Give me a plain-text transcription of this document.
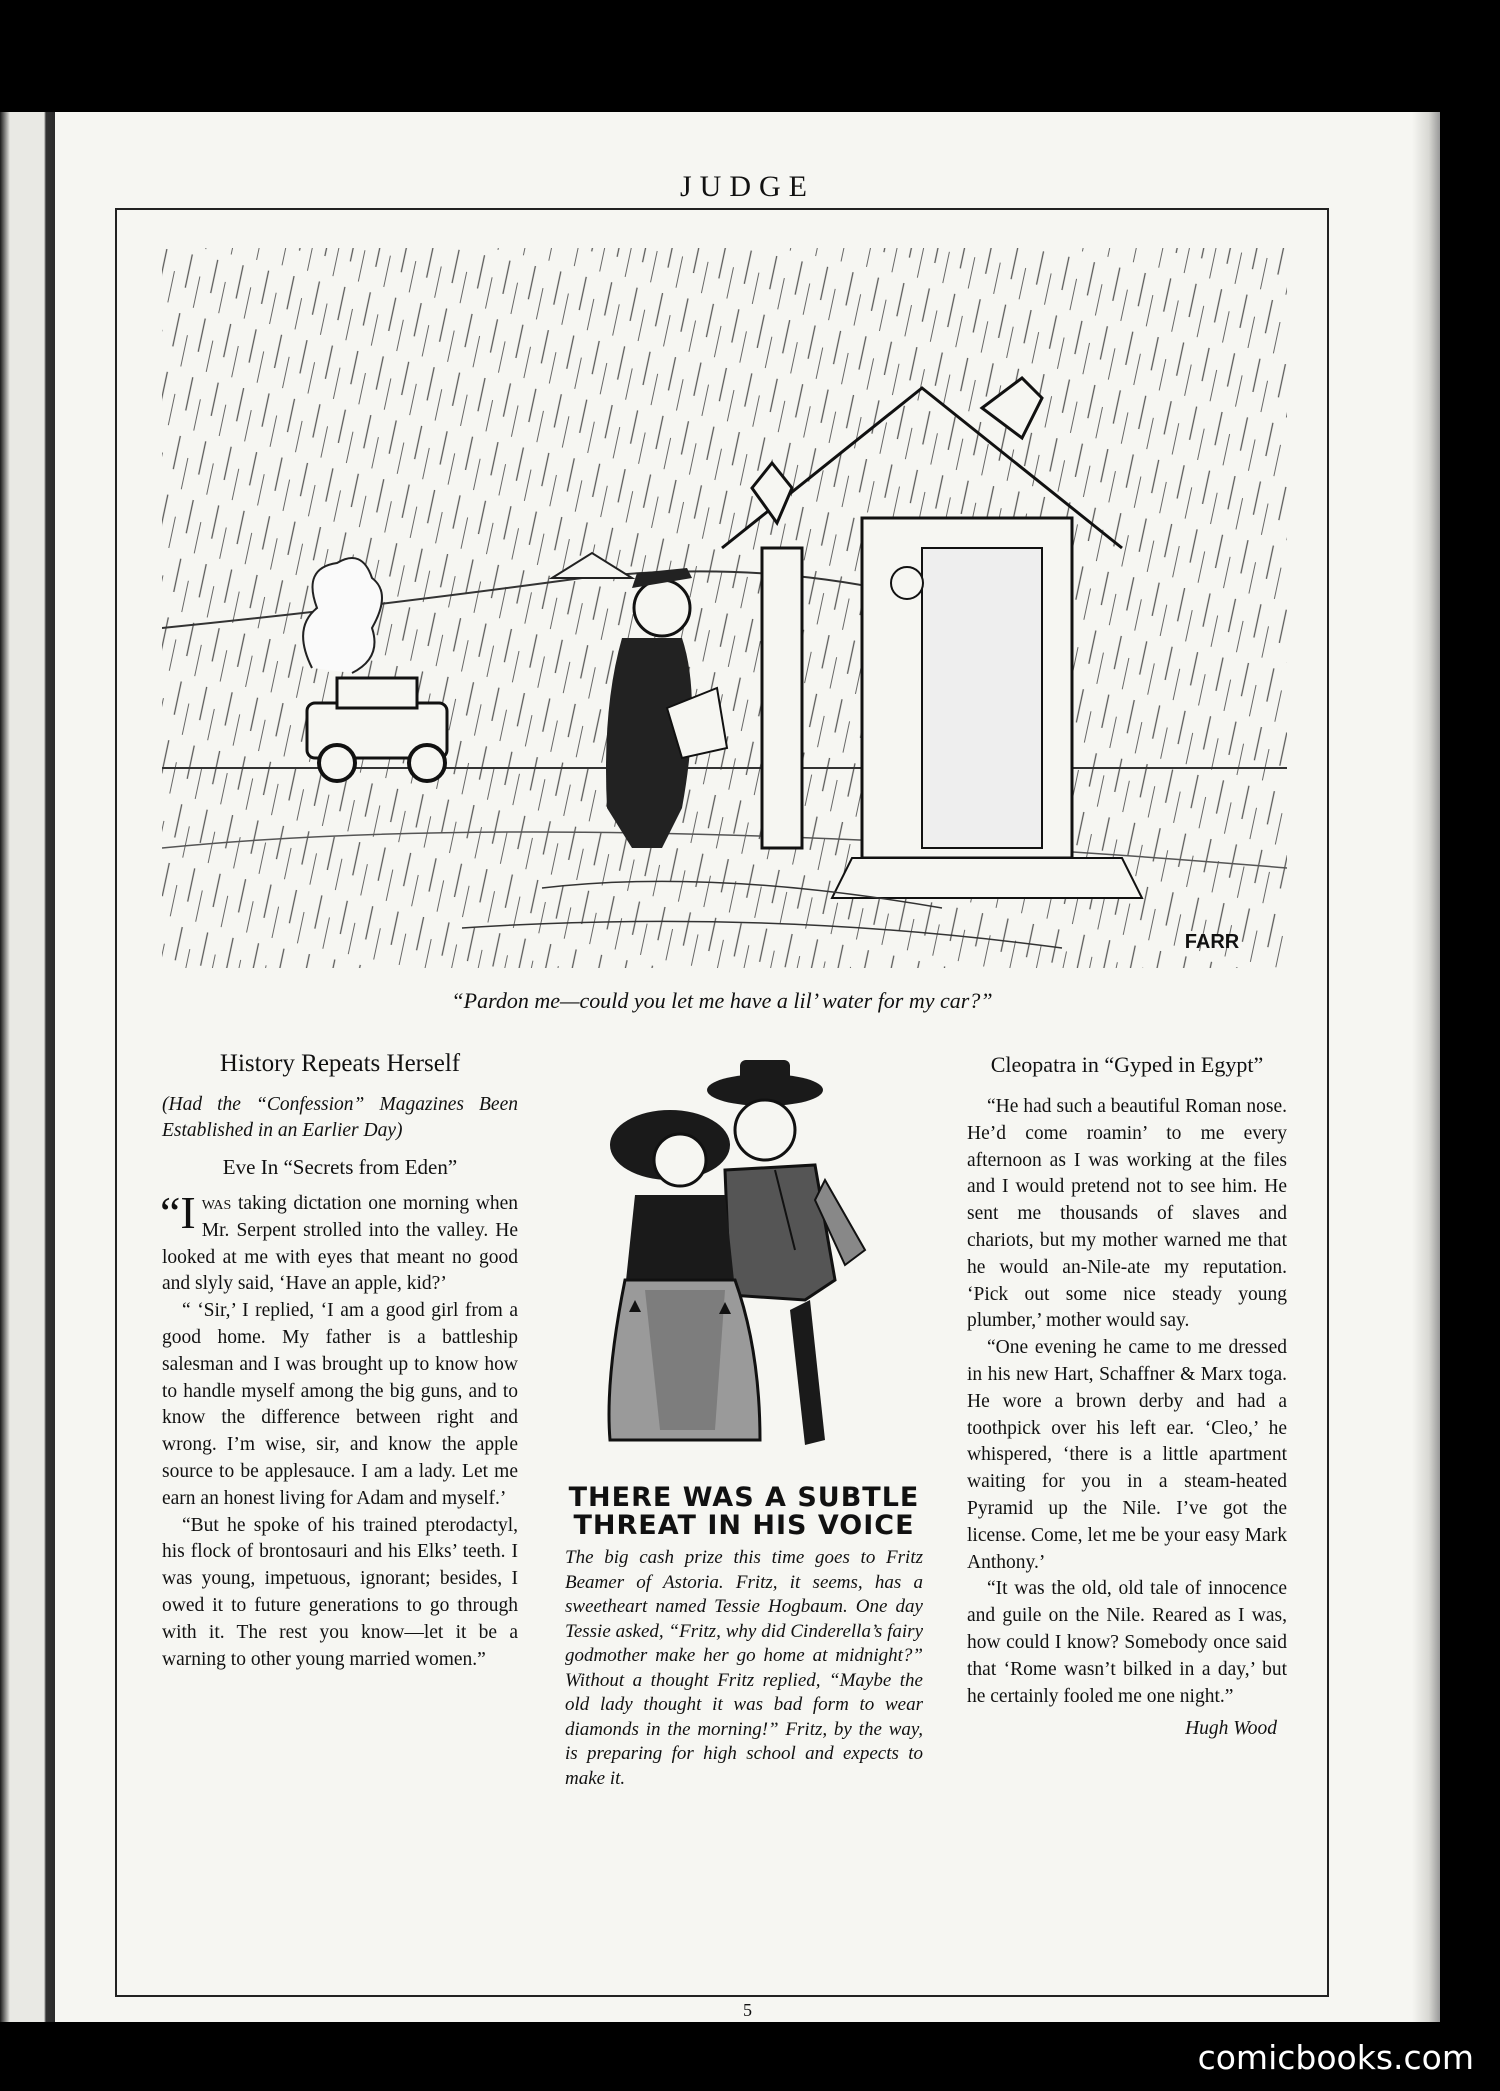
JUDGE
FARR
“Pardon me—could you let me have a lil’ water for my car?”
History Repeats Herself
(Had the “Confession” Magazines Been Established in an Earlier Day)
Eve In “Secrets from Eden”

“I was taking dictation one morning when Mr. Serpent strolled into the valley. He looked at me with eyes that meant no good and slyly said, ‘Have an apple, kid?’

“ ‘Sir,’ I replied, ‘I am a good girl from a good home. My father is a battleship salesman and I was brought up to know how to handle myself among the big guns, and to know the difference between right and wrong. I’m wise, sir, and know the apple source to be applesauce. I am a lady. Let me earn an honest living for Adam and myself.’

“But he spoke of his trained pterodactyl, his flock of brontosauri and his Elks’ teeth. I was young, impetuous, ignorant; besides, I owed it to future generations to go through with it. The rest you know—let it be a warning to other young married women.”

THERE WAS A SUBTLE
THREAT IN HIS VOICE
The big cash prize this time goes to Fritz Beamer of Astoria. Fritz, it seems, has a sweetheart named Tessie Hogbaum. One day Tessie asked, “Fritz, why did Cinderella’s fairy godmother make her go home at midnight?” Without a thought Fritz replied, “Maybe the old lady thought it was bad form to wear diamonds in the morning!” Fritz, by the way, is preparing for high school and expects to make it.
Cleopatra in “Gyped in Egypt”

“He had such a beautiful Roman nose. He’d come roamin’ to me every afternoon as I was working at the files and I would pretend not to see him. He sent me thousands of slaves and chariots, but my mother warned me that he would an-Nile-ate my reputation. ‘Pick out some nice steady young plumber,’ mother would say.

“One evening he came to me dressed in his new Hart, Schaffner & Marx toga. He wore a brown derby and had a toothpick over his left ear. ‘Cleo,’ he whispered, ‘there is a little apartment waiting for you in a steam-heated Pyramid up the Nile. I’ve got the license. Come, let me be your easy Mark Anthony.’

“It was the old, old tale of innocence and guile on the Nile. Reared as I was, how could I know? Somebody once said that ‘Rome wasn’t bilked in a day,’ but he certainly fooled me one night.”

Hugh Wood
5
comicbooks.com
